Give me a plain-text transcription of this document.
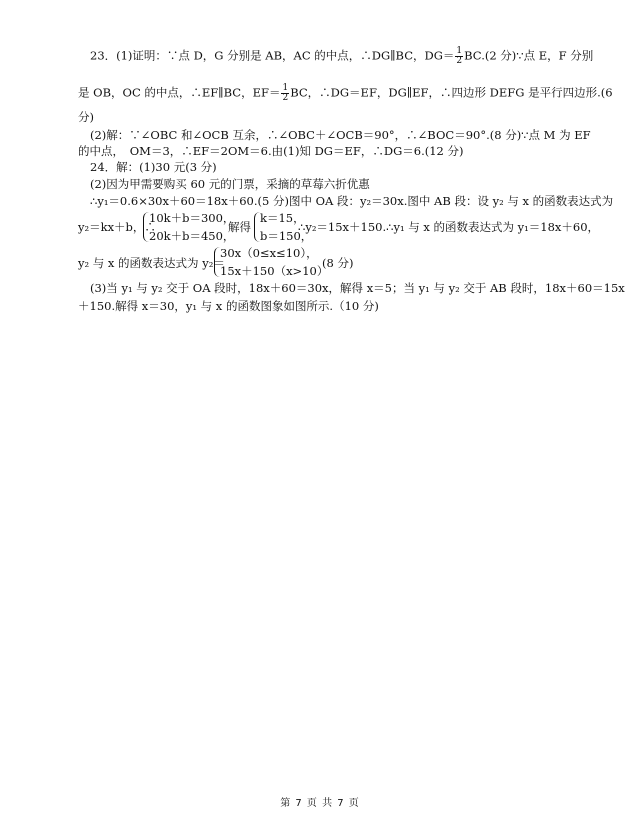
23．(1)证明：∵点 D，G 分别是 AB，AC 的中点，∴DG∥BC，$DG= \frac{1}{2} BC.(2$ 分)∵点 E，F 分别
是 OB，OC 的中点，∴EF∥BC，$EF= \frac{1}{2}$ BC，∴DG＝EF，DG∥EF，∴四边形 DEFG 是平行四边形.(6
分)
(2)解：∵∠OBC 和∠OCB 互余，∴∠OBC＋∠OCB＝90°，∴∠BOC＝90°.(8 分)∵点 M 为 EF
的中点，　OM＝3，∴EF＝2OM＝6.由(1)知 DG＝EF，∴DG＝6.(12 分)
24．解：(1)30 元(3 分)
(2)因为甲需要购买 60 元的门票，采摘的草莓六折优惠
∴y₁＝0.6×30x＋60＝18x＋60.(5 分)图中 OA 段：y₂＝30x.图中 AB 段：设 y₂ 与 x 的函数表达式为
y₂＝kx＋b，∴
10k＋b＝300，
20k＋b＝450，
解得
k＝15，
b＝150，
∴y₂＝15x＋150.∴y₁ 与 x 的函数表达式为 y₁＝18x＋60，
y₂ 与 x 的函数表达式为 y₂＝
30x（0≤x≤10），
15x＋150（x>10）
(8 分)
(3)当 y₁ 与 y₂ 交于 OA 段时，18x＋60＝30x，解得 x＝5；当 y₁ 与 y₂ 交于 AB 段时，18x＋60＝15x
＋150.解得 x＝30，y₁ 与 x 的函数图象如图所示.（10 分)
第 7 页 共 7 页
